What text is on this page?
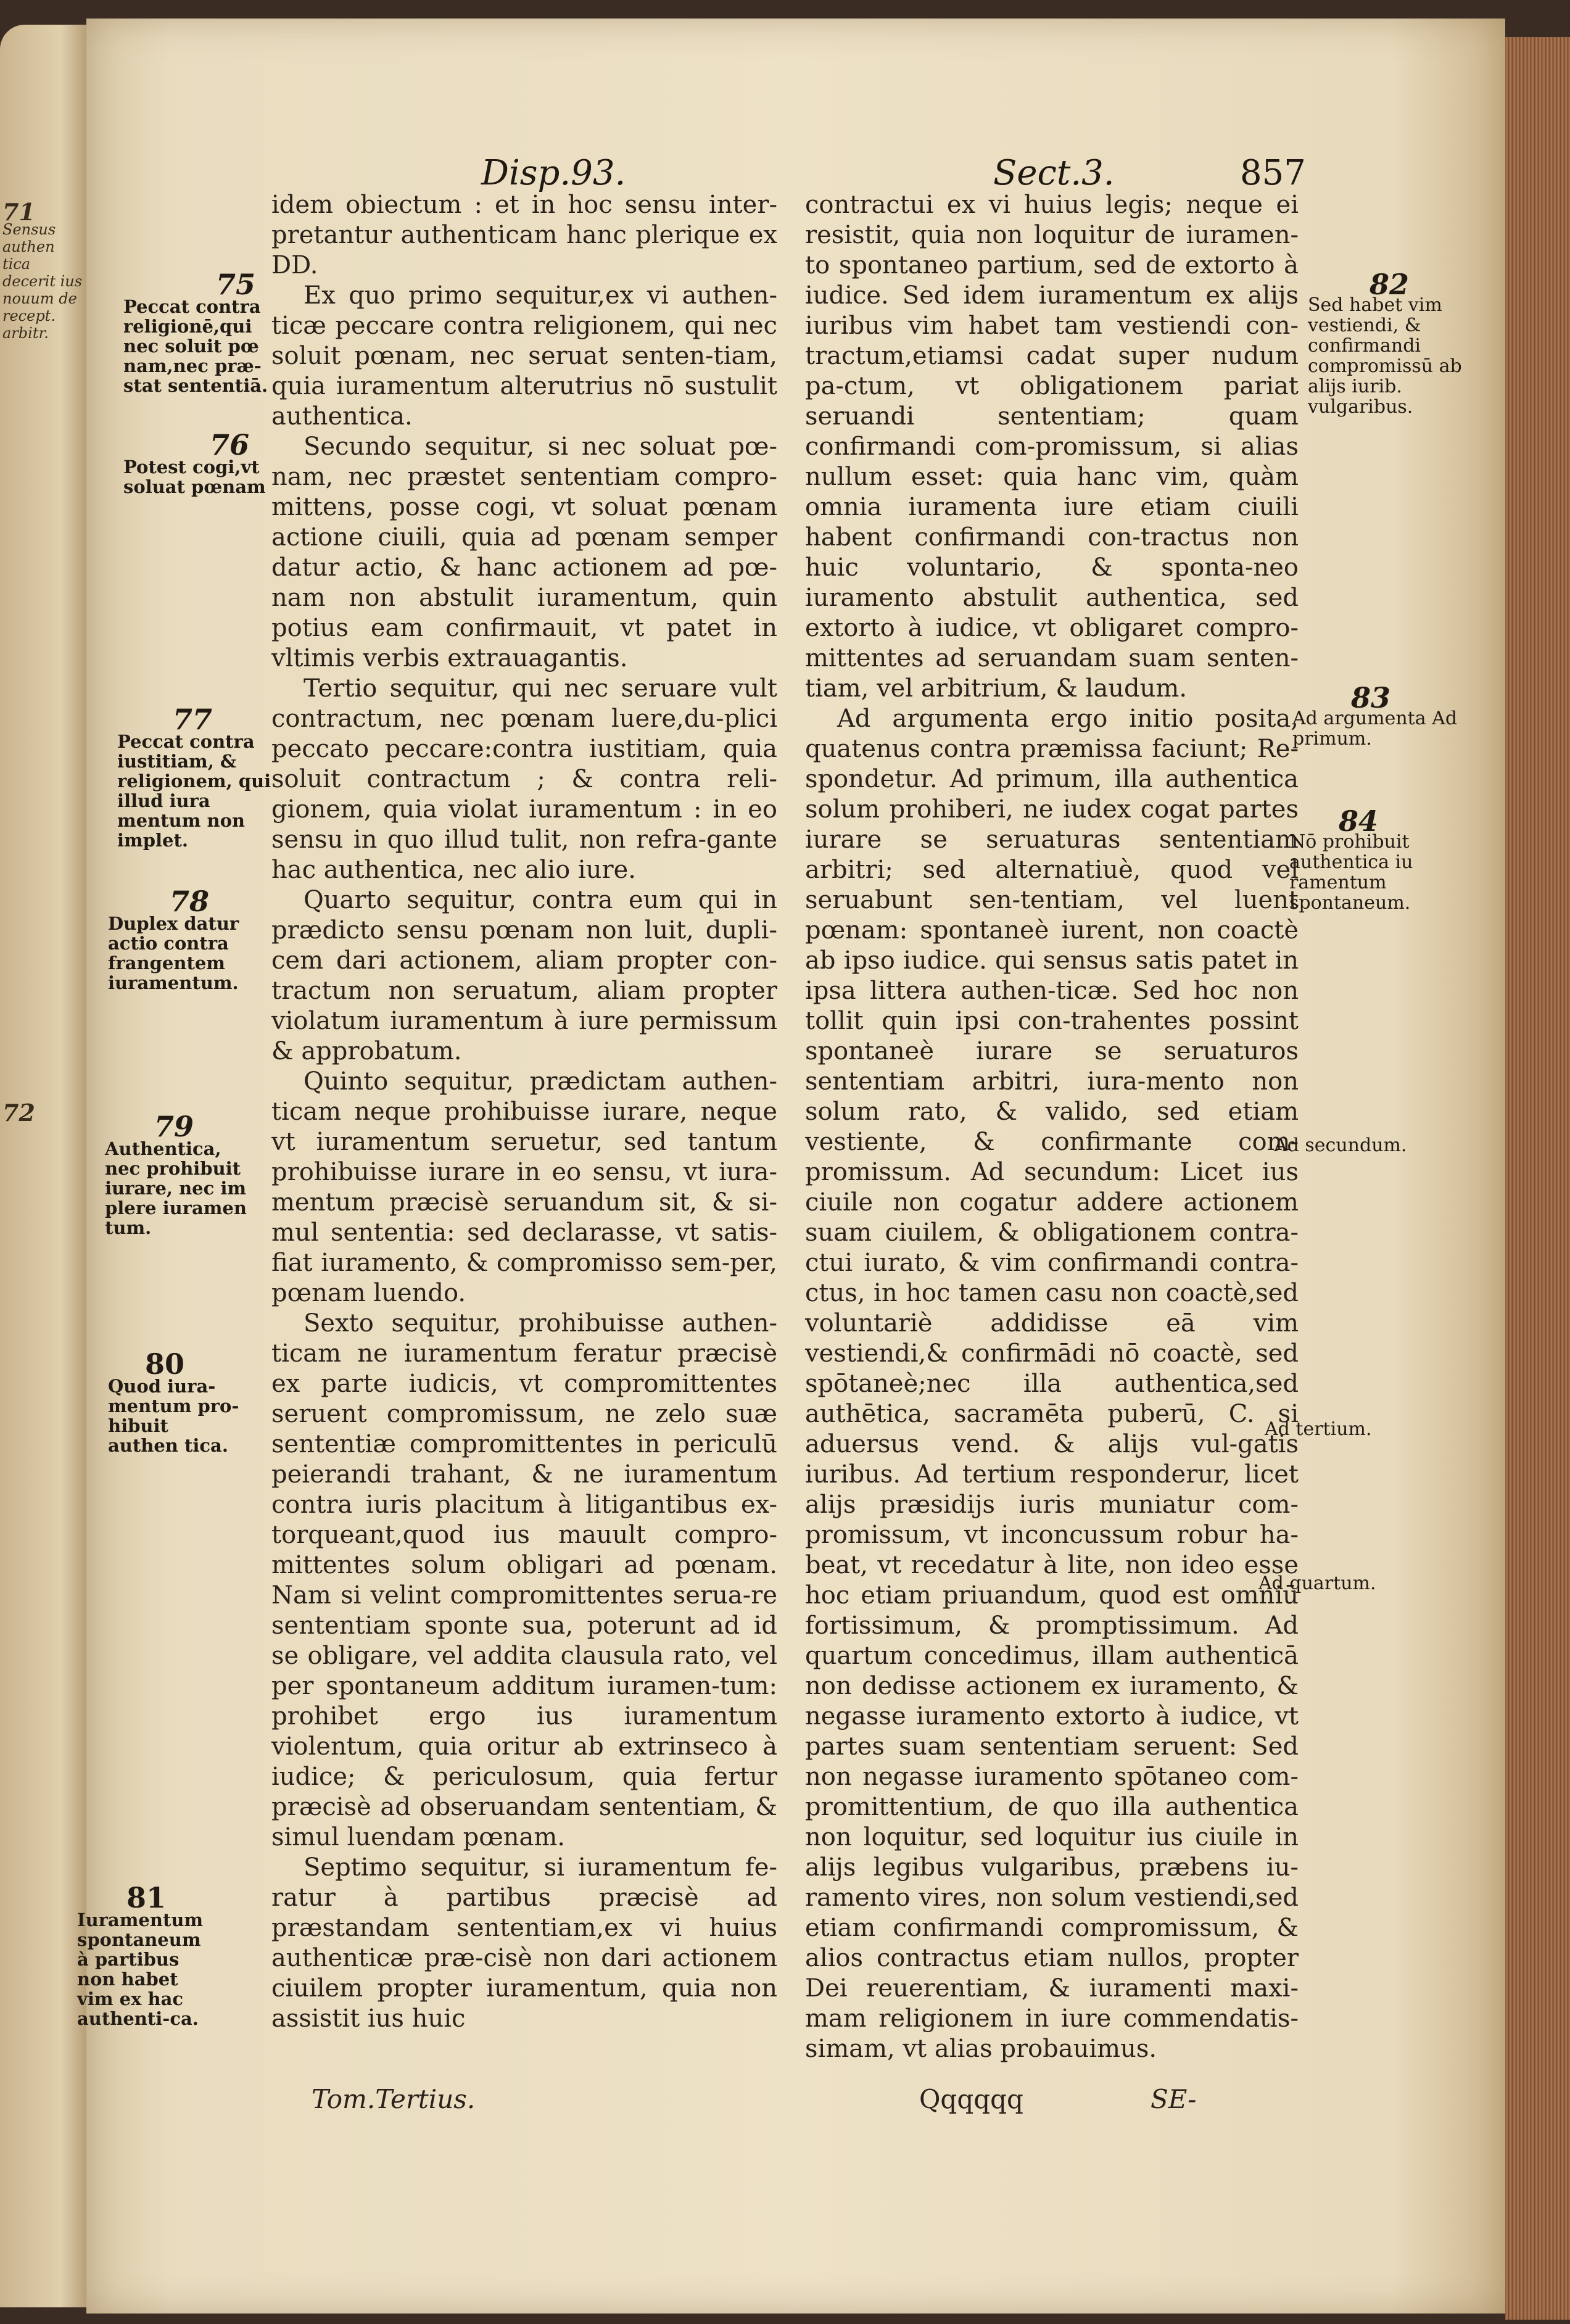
71
Sensus authen tica decerit ius nouum de recept. arbitr.
72
Disp.93.	Sect.3.	857
75
Peccat contra religionē,qui nec soluit pœ nam,nec præ-stat sententiā.
76
Potest cogi,vt soluat pœnam
77
Peccat contra iustitiam, & religionem, qui illud iura mentum non implet.
78
Duplex datur actio contra frangentem iuramentum.
79
Authentica, nec prohibuit iurare, nec im plere iuramen tum.
80
Quod iura-mentum pro-hibuit authen tica.
81
Iuramentum spontaneum à partibus non habet vim ex hac authenti-ca.

idem obiectum : et in hoc sensu inter-pretantur authenticam hanc plerique ex DD.

Ex quo primo sequitur,ex vi authen-ticæ peccare contra religionem, qui nec soluit pœnam, nec seruat senten-tiam, quia iuramentum alterutrius nō sustulit authentica.

Secundo sequitur, si nec soluat pœ-nam, nec præstet sententiam compro-mittens, posse cogi, vt soluat pœnam actione ciuili, quia ad pœnam semper datur actio, & hanc actionem ad pœ-nam non abstulit iuramentum, quin potius eam confirmauit, vt patet in vltimis verbis extrauagantis.

Tertio sequitur, qui nec seruare vult contractum, nec pœnam luere,du-plici peccato peccare:contra iustitiam, quia soluit contractum ; & contra reli-gionem, quia violat iuramentum : in eo sensu in quo illud tulit, non refra-gante hac authentica, nec alio iure.

Quarto sequitur, contra eum qui in prædicto sensu pœnam non luit, dupli-cem dari actionem, aliam propter con-tractum non seruatum, aliam propter violatum iuramentum à iure permissum & approbatum.

Quinto sequitur, prædictam authen-ticam neque prohibuisse iurare, neque vt iuramentum seruetur, sed tantum prohibuisse iurare in eo sensu, vt iura-mentum præcisè seruandum sit, & si-mul sententia: sed declarasse, vt satis-fiat iuramento, & compromisso sem-per, pœnam luendo.

Sexto sequitur, prohibuisse authen-ticam ne iuramentum feratur præcisè ex parte iudicis, vt compromittentes seruent compromissum, ne zelo suæ sententiæ compromittentes in periculū peierandi trahant, & ne iuramentum contra iuris placitum à litigantibus ex-torqueant,quod ius mauult compro-mittentes solum obligari ad pœnam. Nam si velint compromittentes serua-re sententiam sponte sua, poterunt ad id se obligare, vel addita clausula rato, vel per spontaneum additum iuramen-tum: prohibet ergo ius iuramentum violentum, quia oritur ab extrinseco à iudice; & periculosum, quia fertur præcisè ad obseruandam sententiam, & simul luendam pœnam.

Septimo sequitur, si iuramentum fe-ratur à partibus præcisè ad præstandam sententiam,ex vi huius authenticæ præ-cisè non dari actionem ciuilem propter iuramentum, quia non assistit ius huic

contractui ex vi huius legis; neque ei resistit, quia non loquitur de iuramen-to spontaneo partium, sed de extorto à iudice. Sed idem iuramentum ex alijs iuribus vim habet tam vestiendi con-tractum,etiamsi cadat super nudum pa-ctum, vt obligationem pariat seruandi sententiam; quam confirmandi com-promissum, si alias nullum esset: quia hanc vim, quàm omnia iuramenta iure etiam ciuili habent confirmandi con-tractus non huic voluntario, & sponta-neo iuramento abstulit authentica, sed extorto à iudice, vt obligaret compro-mittentes ad seruandam suam senten-tiam, vel arbitrium, & laudum.

Ad argumenta ergo initio posita, quatenus contra præmissa faciunt; Re-spondetur. Ad primum, illa authentica solum prohiberi, ne iudex cogat partes iurare se seruaturas sententiam arbitri; sed alternatiuè, quod vel seruabunt sen-tentiam, vel luent pœnam: spontaneè iurent, non coactè ab ipso iudice. qui sensus satis patet in ipsa littera authen-ticæ. Sed hoc non tollit quin ipsi con-trahentes possint spontaneè iurare se seruaturos sententiam arbitri, iura-mento non solum rato, & valido, sed etiam vestiente, & confirmante com-promissum. Ad secundum: Licet ius ciuile non cogatur addere actionem suam ciuilem, & obligationem contra-ctui iurato, & vim confirmandi contra-ctus, in hoc tamen casu non coactè,sed voluntariè addidisse eā vim vestiendi,& confirmādi nō coactè, sed spōtaneè;nec illa authentica,sed authētica, sacramēta puberū, C. si aduersus vend. & alijs vul-gatis iuribus. Ad tertium responderur, licet alijs præsidijs iuris muniatur com-promissum, vt inconcussum robur ha-beat, vt recedatur à lite, non ideo esse hoc etiam priuandum, quod est omniū fortissimum, & promptissimum. Ad quartum concedimus, illam authenticā non dedisse actionem ex iuramento, & negasse iuramento extorto à iudice, vt partes suam sententiam seruent: Sed non negasse iuramento spōtaneo com-promittentium, de quo illa authentica non loquitur, sed loquitur ius ciuile in alijs legibus vulgaribus, præbens iu-ramento vires, non solum vestiendi,sed etiam confirmandi compromissum, & alios contractus etiam nullos, propter Dei reuerentiam, & iuramenti maxi-mam religionem in iure commendatis-simam, vt alias probauimus.

82
Sed habet vim vestiendi, & confirmandi compromissū ab alijs iurib. vulgaribus.
83
Ad argumenta Ad primum.
84
Nō prohibuit authentica iu ramentum spontaneum.
Ad secundum.
Ad tertium.
Ad quartum.
Tom.Tertius.	Qqqqqq	SE-
